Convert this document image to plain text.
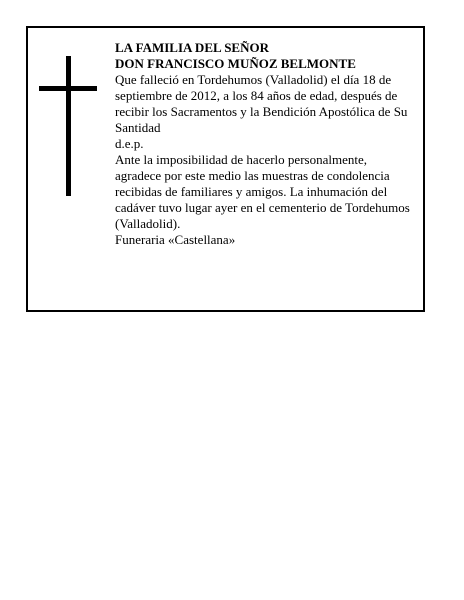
LA FAMILIA DEL SEÑOR

DON FRANCISCO MUÑOZ BELMONTE

Que falleció en Tordehumos (Valladolid) el día 18 de septiembre de 2012, a los 84 años de edad, después de recibir los Sacramentos y la Bendición Apostólica de Su Santidad

d.e.p.

Ante la imposibilidad de hacerlo personalmente, agradece por este medio las muestras de condolencia recibidas de familiares y amigos. La inhumación del cadáver tuvo lugar ayer en el cementerio de Tordehumos (Valladolid).

Funeraria «Castellana»
